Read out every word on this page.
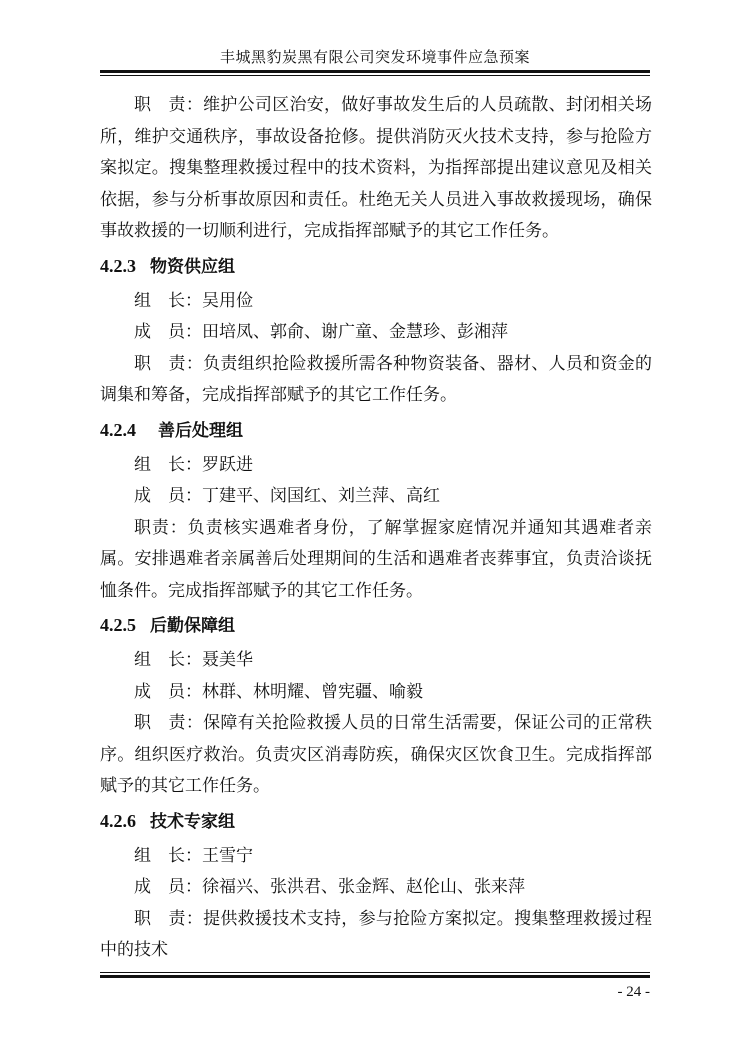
丰城黑豹炭黑有限公司突发环境事件应急预案

职　责：维护公司区治安，做好事故发生后的人员疏散、封闭相关场所，维护交通秩序，事故设备抢修。提供消防灭火技术支持，参与抢险方案拟定。搜集整理救援过程中的技术资料，为指挥部提出建议意见及相关依据，参与分析事故原因和责任。杜绝无关人员进入事故救援现场，确保事故救援的一切顺利进行，完成指挥部赋予的其它工作任务。

4.2.3 物资供应组

组　长：吴用俭

成　员：田培凤、郭俞、谢广童、金慧珍、彭湘萍

职　责：负责组织抢险救援所需各种物资装备、器材、人员和资金的调集和筹备，完成指挥部赋予的其它工作任务。

4.2.4 善后处理组

组　长：罗跃进

成　员：丁建平、闵国红、刘兰萍、高红

职责：负责核实遇难者身份，了解掌握家庭情况并通知其遇难者亲属。安排遇难者亲属善后处理期间的生活和遇难者丧葬事宜，负责洽谈抚恤条件。完成指挥部赋予的其它工作任务。

4.2.5 后勤保障组

组　长：聂美华

成　员：林群、林明耀、曾宪疆、喻毅

职　责：保障有关抢险救援人员的日常生活需要，保证公司的正常秩序。组织医疗救治。负责灾区消毒防疾，确保灾区饮食卫生。完成指挥部赋予的其它工作任务。

4.2.6 技术专家组

组　长：王雪宁

成　员：徐福兴、张洪君、张金辉、赵伦山、张来萍

职　责：提供救援技术支持，参与抢险方案拟定。搜集整理救援过程中的技术

- 24 -
